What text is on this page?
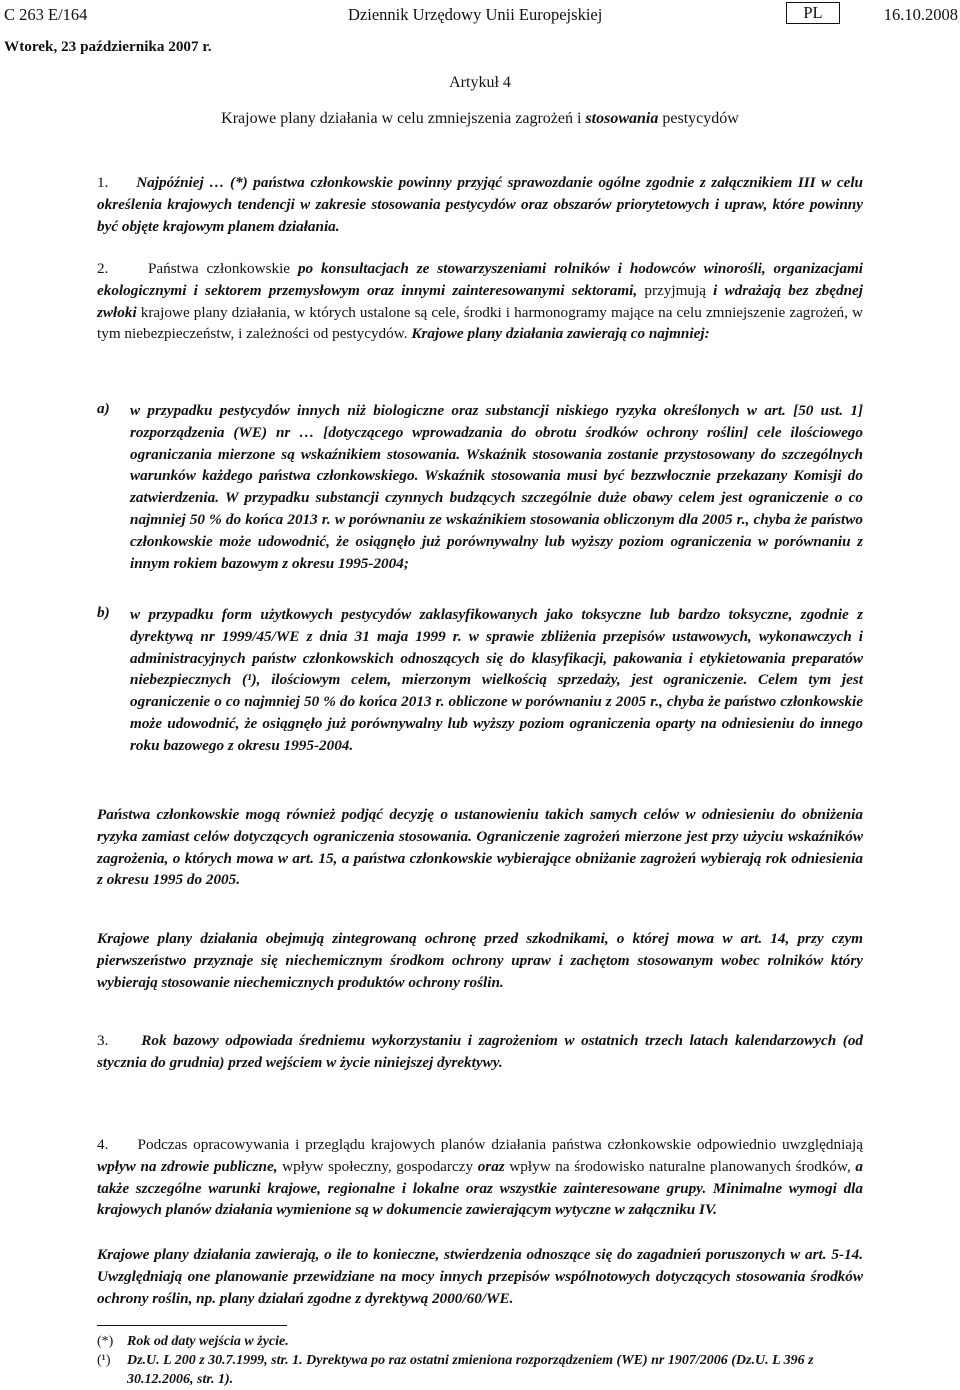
C 263 E/164	Dziennik Urzędowy Unii Europejskiej	PL	16.10.2008
Wtorek, 23 października 2007 r.
Artykuł 4
Krajowe plany działania w celu zmniejszenia zagrożeń i stosowania pestycydów
1. Najpóźniej … (*) państwa członkowskie powinny przyjąć sprawozdanie ogólne zgodnie z załącznikiem III w celu określenia krajowych tendencji w zakresie stosowania pestycydów oraz obszarów priorytetowych i upraw, które powinny być objęte krajowym planem działania.
2.	Państwa członkowskie po konsultacjach ze stowarzyszeniami rolników i hodowców winorośli, organizacjami ekologicznymi i sektorem przemysłowym oraz innymi zainteresowanymi sektorami, przyjmują i wdrażają bez zbędnej zwłoki krajowe plany działania, w których ustalone są cele, środki i harmonogramy mające na celu zmniejszenie zagrożeń, w tym niebezpieczeństw, i zależności od pestycydów. Krajowe plany działania zawierają co najmniej:
a) w przypadku pestycydów innych niż biologiczne oraz substancji niskiego ryzyka określonych w art. [50 ust. 1] rozporządzenia (WE) nr … [dotyczącego wprowadzania do obrotu środków ochrony roślin] cele ilościowego ograniczania mierzone są wskaźnikiem stosowania. Wskaźnik stosowania zostanie przystosowany do szczególnych warunków każdego państwa członkowskiego. Wskaźnik stosowania musi być bezzwłocznie przekazany Komisji do zatwierdzenia. W przypadku substancji czynnych budzących szczególnie duże obawy celem jest ograniczenie o co najmniej 50 % do końca 2013 r. w porównaniu ze wskaźnikiem stosowania obliczonym dla 2005 r., chyba że państwo członkowskie może udowodnić, że osiągnęło już porównywalny lub wyższy poziom ograniczenia w porównaniu z innym rokiem bazowym z okresu 1995-2004;
b) w przypadku form użytkowych pestycydów zaklasyfikowanych jako toksyczne lub bardzo toksyczne, zgodnie z dyrektywą nr 1999/45/WE z dnia 31 maja 1999 r. w sprawie zbliżenia przepisów ustawowych, wykonawczych i administracyjnych państw członkowskich odnoszących się do klasyfikacji, pakowania i etykietowania preparatów niebezpiecznych (¹), ilościowym celem, mierzonym wielkością sprzedaży, jest ograniczenie. Celem tym jest ograniczenie o co najmniej 50 % do końca 2013 r. obliczone w porównaniu z 2005 r., chyba że państwo członkowskie może udowodnić, że osiągnęło już porównywalny lub wyższy poziom ograniczenia oparty na odniesieniu do innego roku bazowego z okresu 1995-2004.
Państwa członkowskie mogą również podjąć decyzję o ustanowieniu takich samych celów w odniesieniu do obniżenia ryzyka zamiast celów dotyczących ograniczenia stosowania. Ograniczenie zagrożeń mierzone jest przy użyciu wskaźników zagrożenia, o których mowa w art. 15, a państwa członkowskie wybierające obniżanie zagrożeń wybierają rok odniesienia z okresu 1995 do 2005.
Krajowe plany działania obejmują zintegrowaną ochronę przed szkodnikami, o której mowa w art. 14, przy czym pierwszeństwo przyznaje się niechemicznym środkom ochrony upraw i zachętom stosowanym wobec rolników który wybierają stosowanie niechemicznych produktów ochrony roślin.
3. Rok bazowy odpowiada średniemu wykorzystaniu i zagrożeniom w ostatnich trzech latach kalendarzowych (od stycznia do grudnia) przed wejściem w życie niniejszej dyrektywy.
4. Podczas opracowywania i przeglądu krajowych planów działania państwa członkowskie odpowiednio uwzględniają wpływ na zdrowie publiczne, wpływ społeczny, gospodarczy oraz wpływ na środowisko naturalne planowanych środków, a także szczególne warunki krajowe, regionalne i lokalne oraz wszystkie zainteresowane grupy. Minimalne wymogi dla krajowych planów działania wymienione są w dokumencie zawierającym wytyczne w załączniku IV.
Krajowe plany działania zawierają, o ile to konieczne, stwierdzenia odnoszące się do zagadnień poruszonych w art. 5-14. Uwzględniają one planowanie przewidziane na mocy innych przepisów wspólnotowych dotyczących stosowania środków ochrony roślin, np. plany działań zgodne z dyrektywą 2000/60/WE.
(*) Rok od daty wejścia w życie.
(¹) Dz.U. L 200 z 30.7.1999, str. 1. Dyrektywa po raz ostatni zmieniona rozporządzeniem (WE) nr 1907/2006 (Dz.U. L 396 z 30.12.2006, str. 1).
